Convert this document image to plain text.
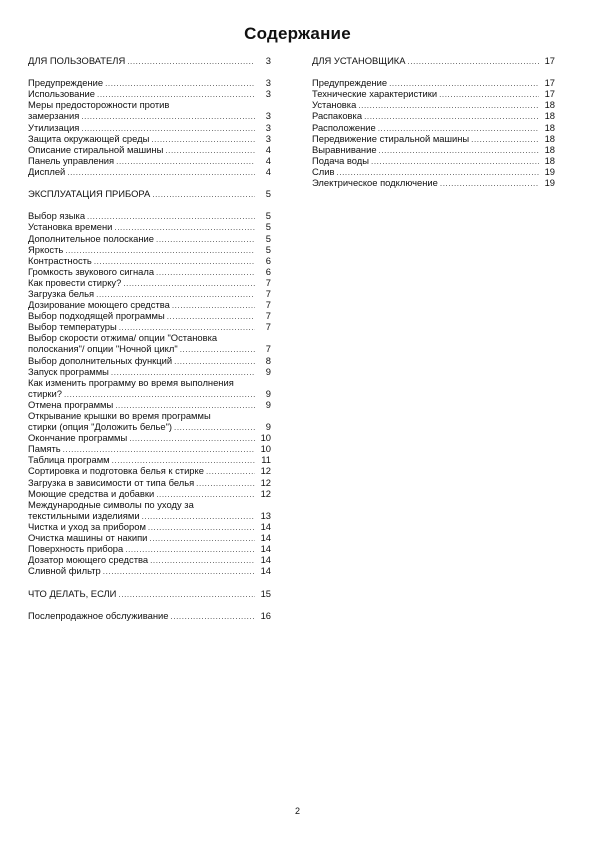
Содержание
ДЛЯ ПОЛЬЗОВАТЕЛЯ .....	3
Предупреждение .....	3
Использование .....	3
Меры предосторожности против
замерзания .....	3
Утилизация .....	3
Защита окружающей среды .....	3
Описание стиральной машины .....	4
Панель управления .....	4
Дисплей .....	4
ЭКСПЛУАТАЦИЯ ПРИБОРА .....	5
Выбор языка .....	5
Установка времени .....	5
Дополнительное полоскание .....	5
Яркость .....	5
Контрастность .....	6
Громкость звукового сигнала .....	6
Как провести стирку? .....	7
Загрузка белья .....	7
Дозирование моющего средства .....	7
Выбор подходящей программы .....	7
Выбор температуры .....	7
Выбор скорости отжима/ опции "Остановка
полоскания"/ опции "Ночной цикл" .....	7
Выбор дополнительных функций .....	8
Запуск программы .....	9
Как изменить программу во время выполнения
стирки? .....	9
Отмена программы .....	9
Открывание крышки во время программы
стирки (опция "Доложить белье") .....	9
Окончание программы .....	10
Память .....	10
Таблица программ .....	11
Сортировка и подготовка белья к стирке .....	12
Загрузка в зависимости от типа белья .....	12
Моющие средства и добавки .....	12
Международные символы по уходу за
текстильными изделиями .....	13
Чистка и уход за прибором .....	14
Очистка машины от накипи .....	14
Поверхность прибора .....	14
Дозатор моющего средства .....	14
Сливной фильтр .....	14
ЧТО ДЕЛАТЬ, ЕСЛИ .....	15
Послепродажное обслуживание .....	16
ДЛЯ УСТАНОВЩИКА .....	17
Предупреждение .....	17
Технические характеристики .....	17
Установка .....	18
Распаковка .....	18
Расположение .....	18
Передвижение стиральной машины .....	18
Выравнивание .....	18
Подача воды .....	18
Слив .....	19
Электрическое подключение .....	19
2
